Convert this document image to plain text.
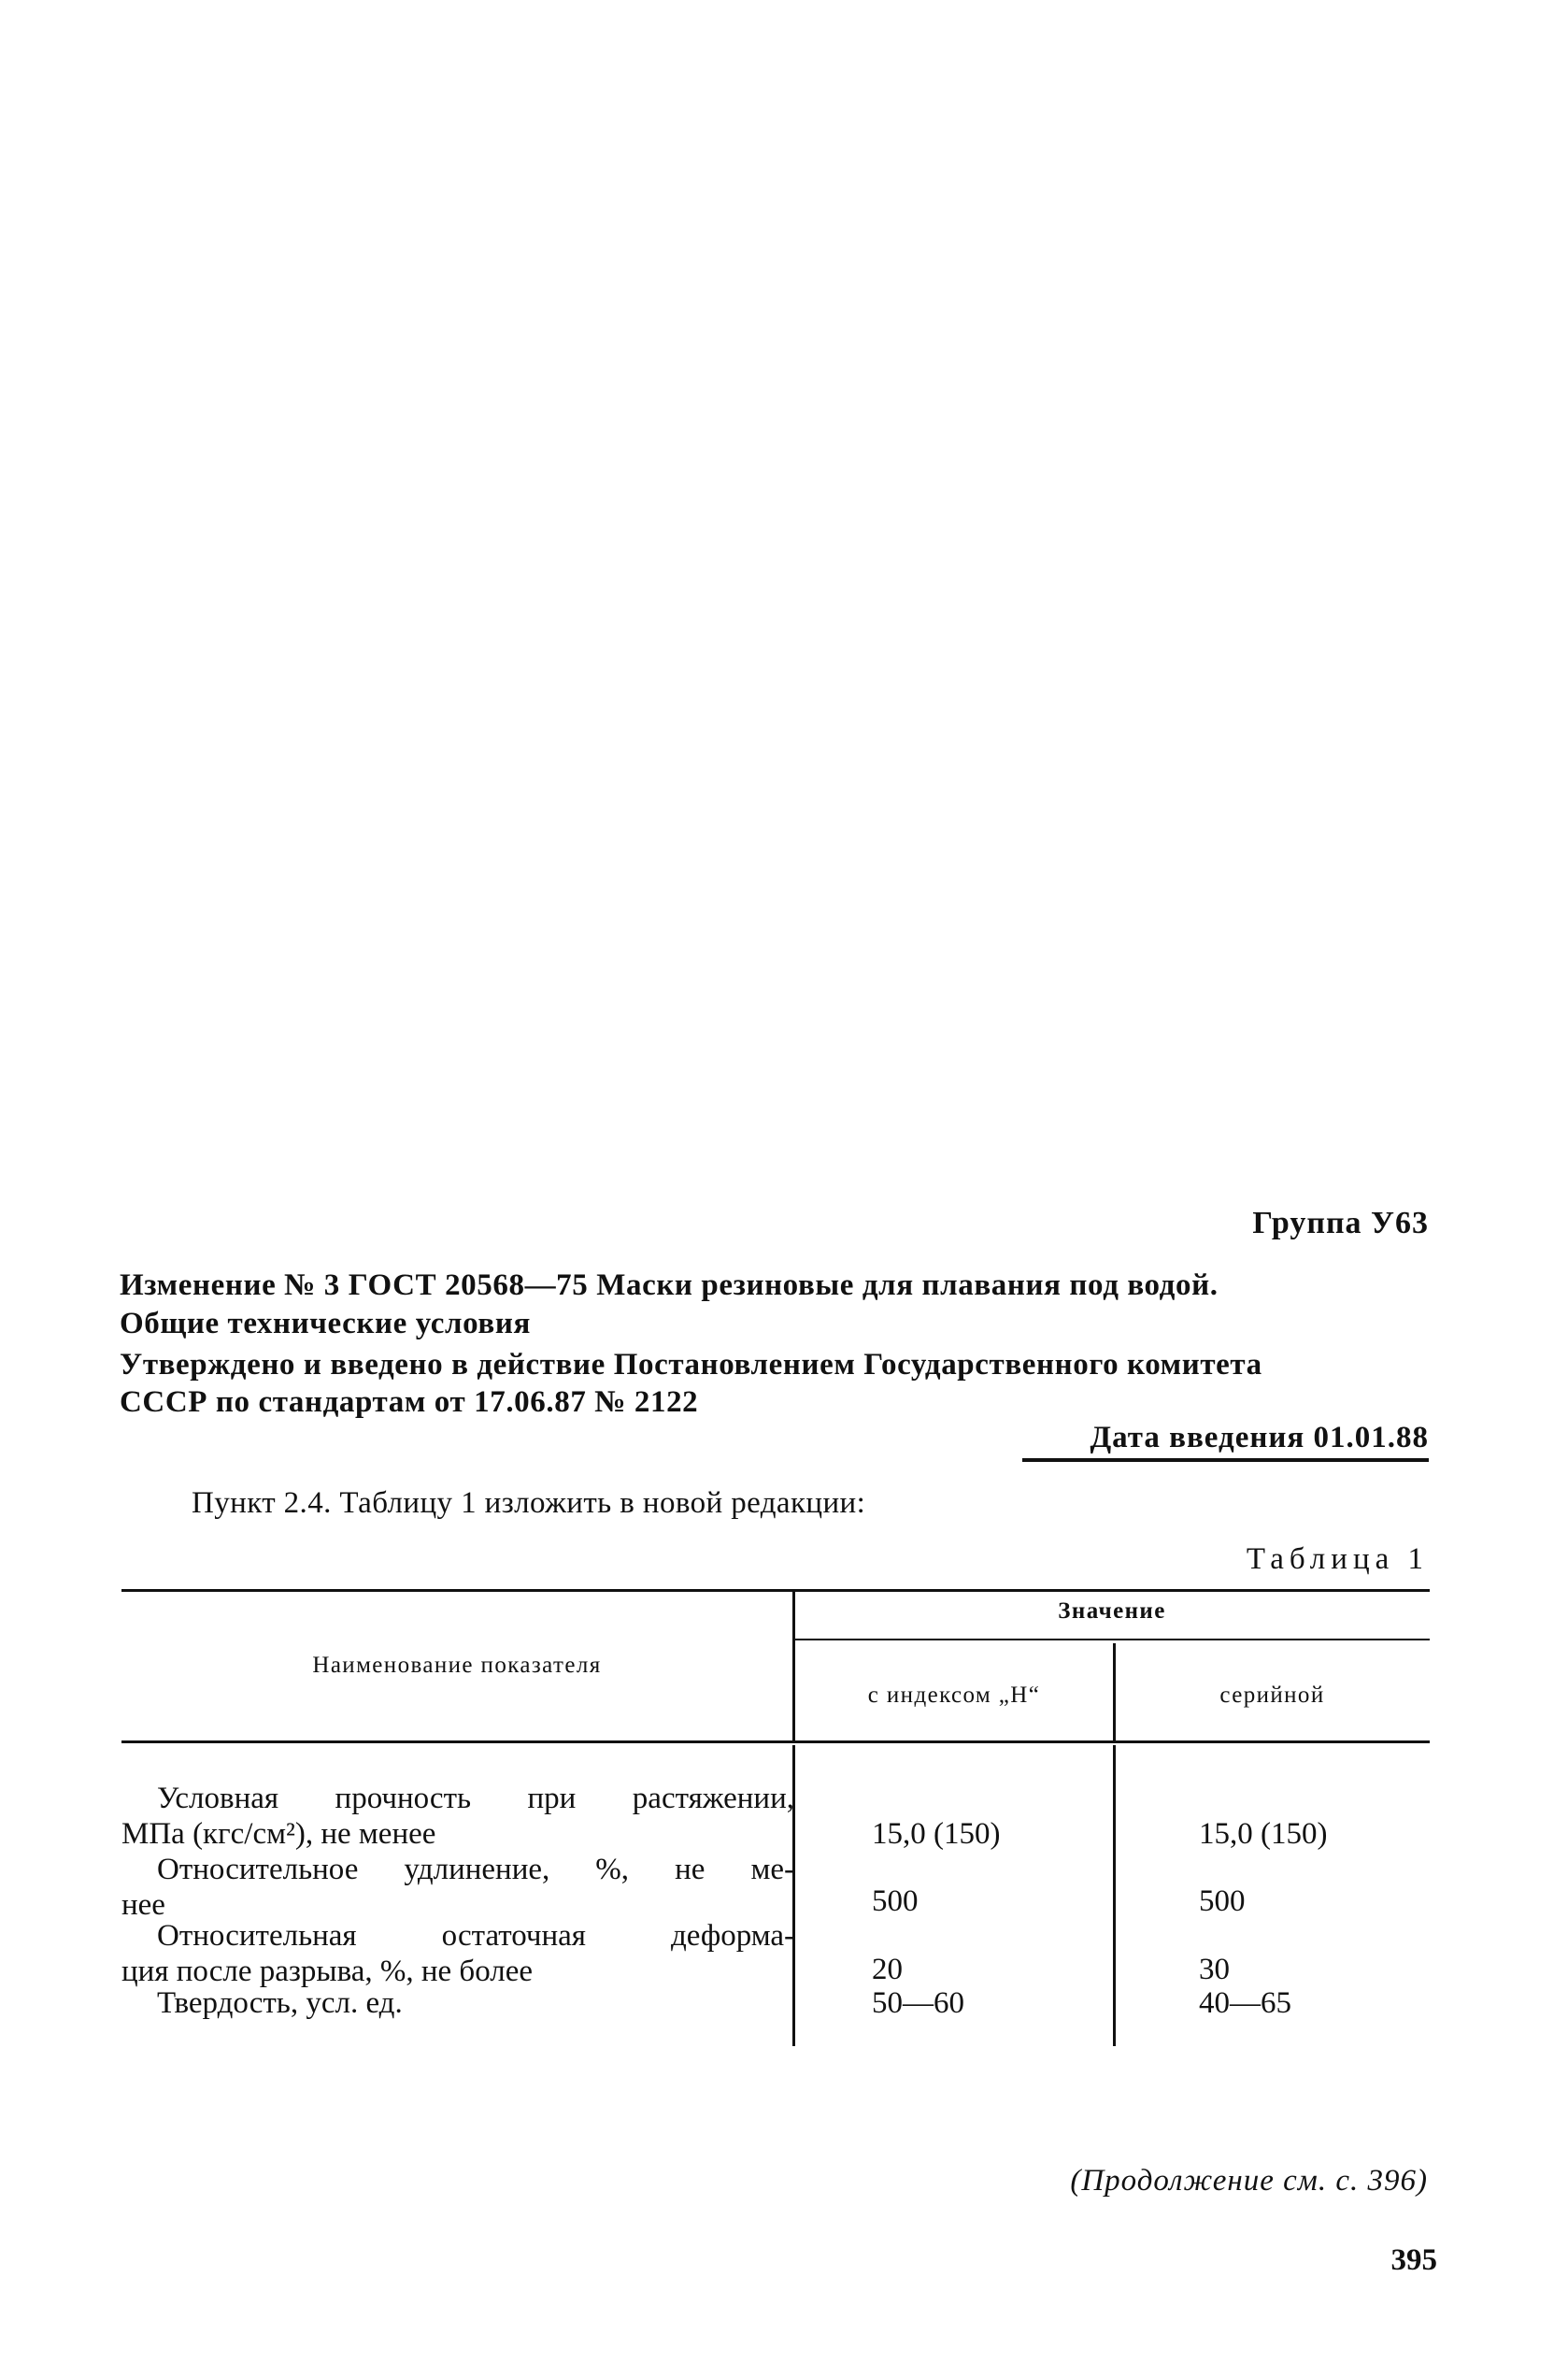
Группа У63
Изменение № 3 ГОСТ 20568—75 Маски резиновые для плавания под водой.
Общие технические условия
Утверждено и введено в действие Постановлением Государственного комитета
СССР по стандартам от 17.06.87 № 2122
Дата введения 01.01.88
Пункт 2.4. Таблицу 1 изложить в новой редакции:
Таблица 1
Наименование показателя
Значение
с индексом „Н“	серийной
Условная прочность при растяжении,
МПа (кгс/см²), не менее	15,0 (150)	15,0 (150)
Относительное удлинение, %, не ме-
нее	500	500
Относительная остаточная деформа-
ция после разрыва, %, не более	20	30
Твердость, усл. ед.	50—60	40—65
(Продолжение см. с. 396)
395
